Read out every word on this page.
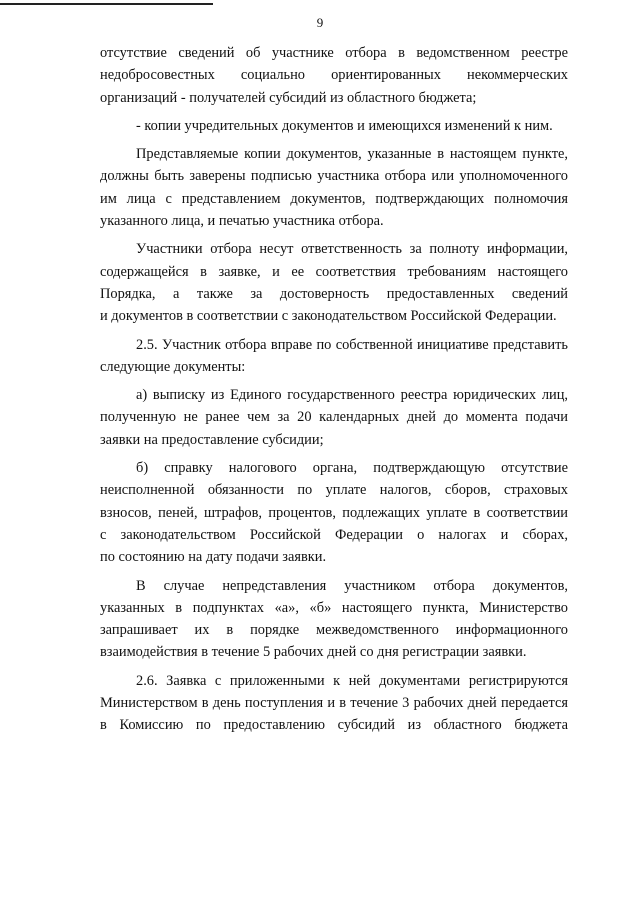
9
отсутствие сведений об участнике отбора в ведомственном реестре
недобросовестных социально ориентированных некоммерческих
организаций - получателей субсидий из областного бюджета;
- копии учредительных документов и имеющихся изменений к ним.
Представляемые копии документов, указанные в настоящем пункте,
должны быть заверены подписью участника отбора или уполномоченного
им лица с представлением документов, подтверждающих полномочия
указанного лица, и печатью участника отбора.
Участники отбора несут ответственность за полноту информации,
содержащейся в заявке, и ее соответствия требованиям настоящего
Порядка, а также за достоверность предоставленных сведений
и документов в соответствии с законодательством Российской Федерации.
2.5. Участник отбора вправе по собственной инициативе представить
следующие документы:
а) выписку из Единого государственного реестра юридических лиц,
полученную не ранее чем за 20 календарных дней до момента подачи
заявки на предоставление субсидии;
б) справку налогового органа, подтверждающую отсутствие
неисполненной обязанности по уплате налогов, сборов, страховых
взносов, пеней, штрафов, процентов, подлежащих уплате в соответствии
с законодательством Российской Федерации о налогах и сборах,
по состоянию на дату подачи заявки.
В случае непредставления участником отбора документов,
указанных в подпунктах «а», «б» настоящего пункта, Министерство
запрашивает их в порядке межведомственного информационного
взаимодействия в течение 5 рабочих дней со дня регистрации заявки.
2.6. Заявка с приложенными к ней документами регистрируются
Министерством в день поступления и в течение 3 рабочих дней передается
в Комиссию по предоставлению субсидий из областного бюджета
